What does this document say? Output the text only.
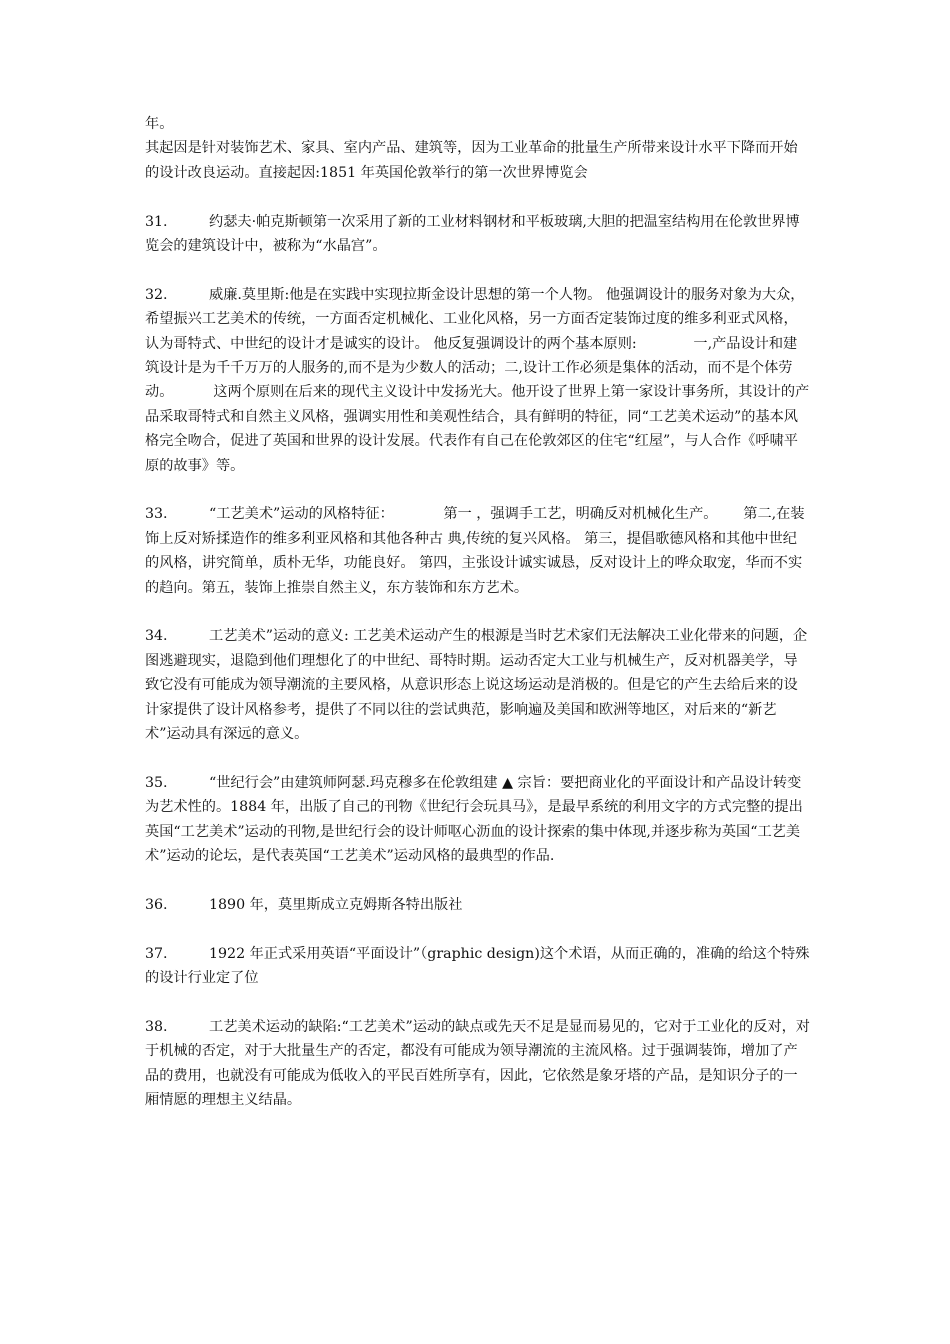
年。

其起因是针对装饰艺术、家具、室内产品、建筑等，因为工业革命的批量生产所带来设计水平下降而开始的设计改良运动。直接起因:1851 年英国伦敦举行的第一次世界博览会

31.	约瑟夫·帕克斯顿第一次采用了新的工业材料钢材和平板玻璃,大胆的把温室结构用在伦敦世界博览会的建筑设计中，被称为“水晶宫”。

32.	威廉.莫里斯:他是在实践中实现拉斯金设计思想的第一个人物。 他强调设计的服务对象为大众，希望振兴工艺美术的传统，一方面否定机械化、工业化风格，另一方面否定装饰过度的维多利亚式风格，认为哥特式、中世纪的设计才是诚实的设计。 他反复强调设计的两个基本原则:　　　　一,产品设计和建筑设计是为千千万万的人服务的,而不是为少数人的活动；二,设计工作必须是集体的活动，而不是个体劳动。　　　 这两个原则在后来的现代主义设计中发扬光大。他开设了世界上第一家设计事务所，其设计的产品采取哥特式和自然主义风格，强调实用性和美观性结合，具有鲜明的特征，同“工艺美术运动”的基本风格完全吻合，促进了英国和世界的设计发展。代表作有自己在伦敦郊区的住宅“红屋”，与人合作《呼啸平原的故事》等。

33.	“工艺美术”运动的风格特征：　　　　第一 ，强调手工艺，明确反对机械化生产。　　 第二,在装饰上反对矫揉造作的维多利亚风格和其他各种古 典,传统的复兴风格。 第三，提倡歌德风格和其他中世纪的风格，讲究简单，质朴无华，功能良好。 第四，主张设计诚实诚恳，反对设计上的哗众取宠，华而不实的趋向。第五，装饰上推崇自然主义，东方装饰和东方艺术。

34.	工艺美术”运动的意义: 工艺美术运动产生的根源是当时艺术家们无法解决工业化带来的问题，企图逃避现实，退隐到他们理想化了的中世纪、哥特时期。运动否定大工业与机械生产，反对机器美学，导致它没有可能成为领导潮流的主要风格，从意识形态上说这场运动是消极的。但是它的产生去给后来的设计家提供了设计风格参考，提供了不同以往的尝试典范，影响遍及美国和欧洲等地区，对后来的“新艺术”运动具有深远的意义。

35.	“世纪行会”由建筑师阿瑟.玛克穆多在伦敦组建 ▲ 宗旨：要把商业化的平面设计和产品设计转变为艺术性的。1884 年，出版了自己的刊物《世纪行会玩具马》，是最早系统的利用文字的方式完整的提出英国“工艺美术”运动的刊物,是世纪行会的设计师呕心沥血的设计探索的集中体现,并逐步称为英国“工艺美术”运动的论坛，是代表英国“工艺美术”运动风格的最典型的作品.

36.	1890 年，莫里斯成立克姆斯各特出版社

37.	1922 年正式采用英语“平面设计”（graphic design)这个术语，从而正确的，准确的给这个特殊的设计行业定了位

38.	工艺美术运动的缺陷:“工艺美术”运动的缺点或先天不足是显而易见的，它对于工业化的反对，对于机械的否定，对于大批量生产的否定，都没有可能成为领导潮流的主流风格。过于强调装饰，增加了产品的费用，也就没有可能成为低收入的平民百姓所享有，因此，它依然是象牙塔的产品，是知识分子的一厢情愿的理想主义结晶。
